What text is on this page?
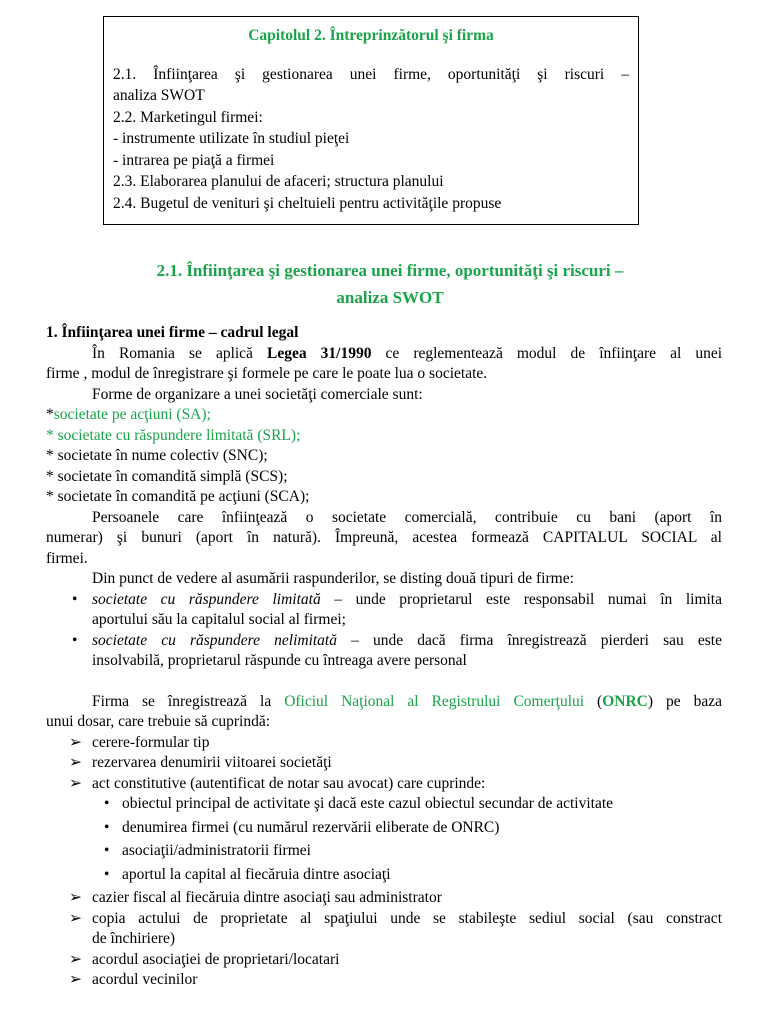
Capitolul 2. Întreprinzătorul şi firma
2.1. Înfiinţarea şi gestionarea unei firme, oportunităţi şi riscuri –
analiza SWOT
2.2. Marketingul firmei:
- instrumente utilizate în studiul pieţei
- intrarea pe piaţă a firmei
2.3. Elaborarea planului de afaceri; structura planului
2.4. Bugetul de venituri şi cheltuieli pentru activităţile propuse
2.1. Înfiinţarea şi gestionarea unei firme, oportunităţi şi riscuri –
analiza SWOT
1. Înfiinţarea unei firme – cadrul legal
În Romania se aplică Legea 31/1990 ce reglementează modul de înfiinţare al unei
firme , modul de înregistrare şi formele pe care le poate lua o societate.
Forme de organizare a unei societăţi comerciale sunt:
*societate pe acţiuni (SA);
* societate cu răspundere limitată (SRL);
* societate în nume colectiv (SNC);
* societate în comandită simplă (SCS);
* societate în comandită pe acţiuni (SCA);
Persoanele care înfiinţează o societate comercială, contribuie cu bani (aport în
numerar) şi bunuri (aport în natură). Împreună, acestea formează CAPITALUL SOCIAL al
firmei.
Din punct de vedere al asumării raspunderilor, se disting două tipuri de firme:
• societate cu răspundere limitată – unde proprietarul este responsabil numai în limita
aportului său la capitalul social al firmei;
• societate cu răspundere nelimitată – unde dacă firma înregistrează pierderi sau este
insolvabilă, proprietarul răspunde cu întreaga avere personal
Firma se înregistrează la Oficiul Naţional al Registrului Comerţului (ONRC) pe baza
unui dosar, care trebuie să cuprindă:
➢ cerere-formular tip
➢ rezervarea denumirii viitoarei societăţi
➢ act constitutive (autentificat de notar sau avocat) care cuprinde:
• obiectul principal de activitate şi dacă este cazul obiectul secundar de activitate
• denumirea firmei (cu numărul rezervării eliberate de ONRC)
• asociaţii/administratorii firmei
• aportul la capital al fiecăruia dintre asociaţi
➢ cazier fiscal al fiecăruia dintre asociaţi sau administrator
➢ copia actului de proprietate al spaţiului unde se stabileşte sediul social (sau constract
de închiriere)
➢ acordul asociaţiei de proprietari/locatari
➢ acordul vecinilor
